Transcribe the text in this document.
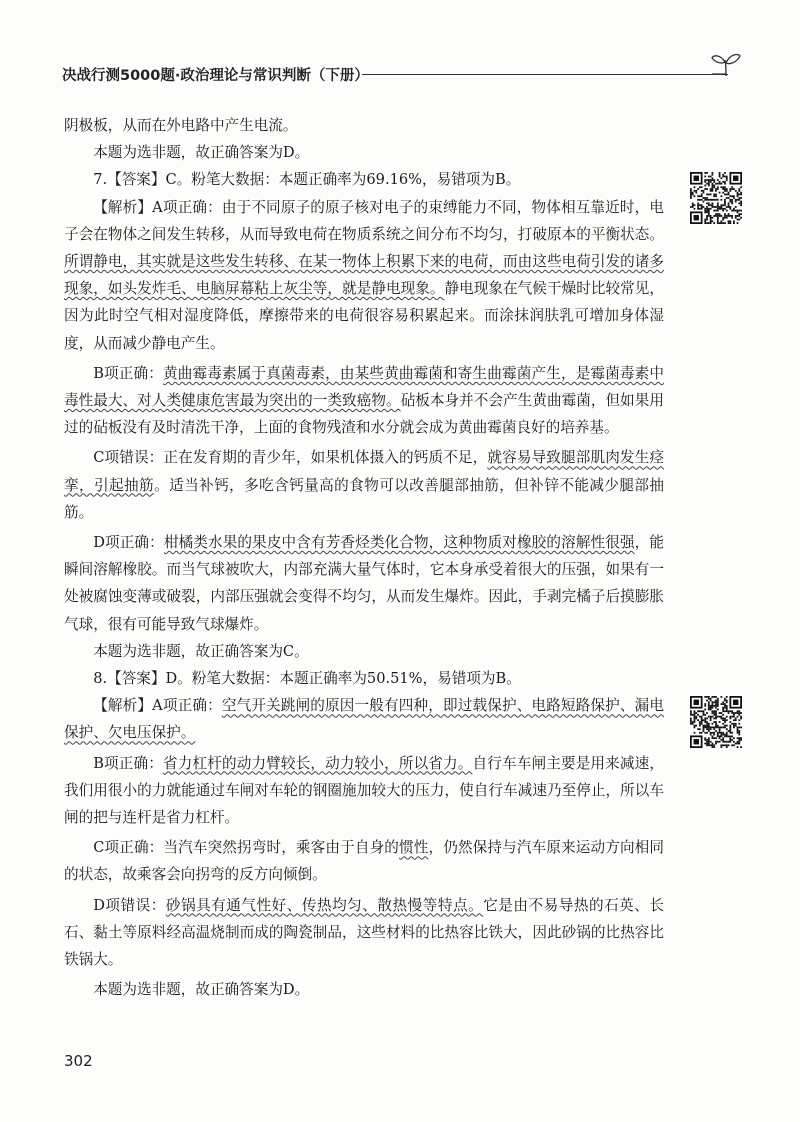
决战行测5000题·政治理论与常识判断（下册）

阴极板，从而在外电路中产生电流。

本题为选非题，故正确答案为D。

7.【答案】C。粉笔大数据：本题正确率为69.16%，易错项为B。

【解析】A项正确：由于不同原子的原子核对电子的束缚能力不同，物体相互靠近时，电子会在物体之间发生转移，从而导致电荷在物质系统之间分布不均匀，打破原本的平衡状态。所谓静电，其实就是这些发生转移、在某一物体上积累下来的电荷，而由这些电荷引发的诸多现象，如头发炸毛、电脑屏幕粘上灰尘等，就是静电现象。静电现象在气候干燥时比较常见，因为此时空气相对湿度降低，摩擦带来的电荷很容易积累起来。而涂抹润肤乳可增加身体湿度，从而减少静电产生。

B项正确：黄曲霉毒素属于真菌毒素，由某些黄曲霉菌和寄生曲霉菌产生，是霉菌毒素中毒性最大、对人类健康危害最为突出的一类致癌物。砧板本身并不会产生黄曲霉菌，但如果用过的砧板没有及时清洗干净，上面的食物残渣和水分就会成为黄曲霉菌良好的培养基。

C项错误：正在发育期的青少年，如果机体摄入的钙质不足，就容易导致腿部肌肉发生痉挛，引起抽筋。适当补钙，多吃含钙量高的食物可以改善腿部抽筋，但补锌不能减少腿部抽筋。

D项正确：柑橘类水果的果皮中含有芳香烃类化合物，这种物质对橡胶的溶解性很强，能瞬间溶解橡胶。而当气球被吹大，内部充满大量气体时，它本身承受着很大的压强，如果有一处被腐蚀变薄或破裂，内部压强就会变得不均匀，从而发生爆炸。因此，手剥完橘子后摸膨胀气球，很有可能导致气球爆炸。

本题为选非题，故正确答案为C。

8.【答案】D。粉笔大数据：本题正确率为50.51%，易错项为B。

【解析】A项正确：空气开关跳闸的原因一般有四种，即过载保护、电路短路保护、漏电保护、欠电压保护。

B项正确：省力杠杆的动力臂较长，动力较小，所以省力。自行车车闸主要是用来减速，我们用很小的力就能通过车闸对车轮的钢圈施加较大的压力，使自行车减速乃至停止，所以车闸的把与连杆是省力杠杆。

C项正确：当汽车突然拐弯时，乘客由于自身的惯性，仍然保持与汽车原来运动方向相同的状态，故乘客会向拐弯的反方向倾倒。

D项错误：砂锅具有通气性好、传热均匀、散热慢等特点。它是由不易导热的石英、长石、黏土等原料经高温烧制而成的陶瓷制品，这些材料的比热容比铁大，因此砂锅的比热容比铁锅大。

本题为选非题，故正确答案为D。

302
